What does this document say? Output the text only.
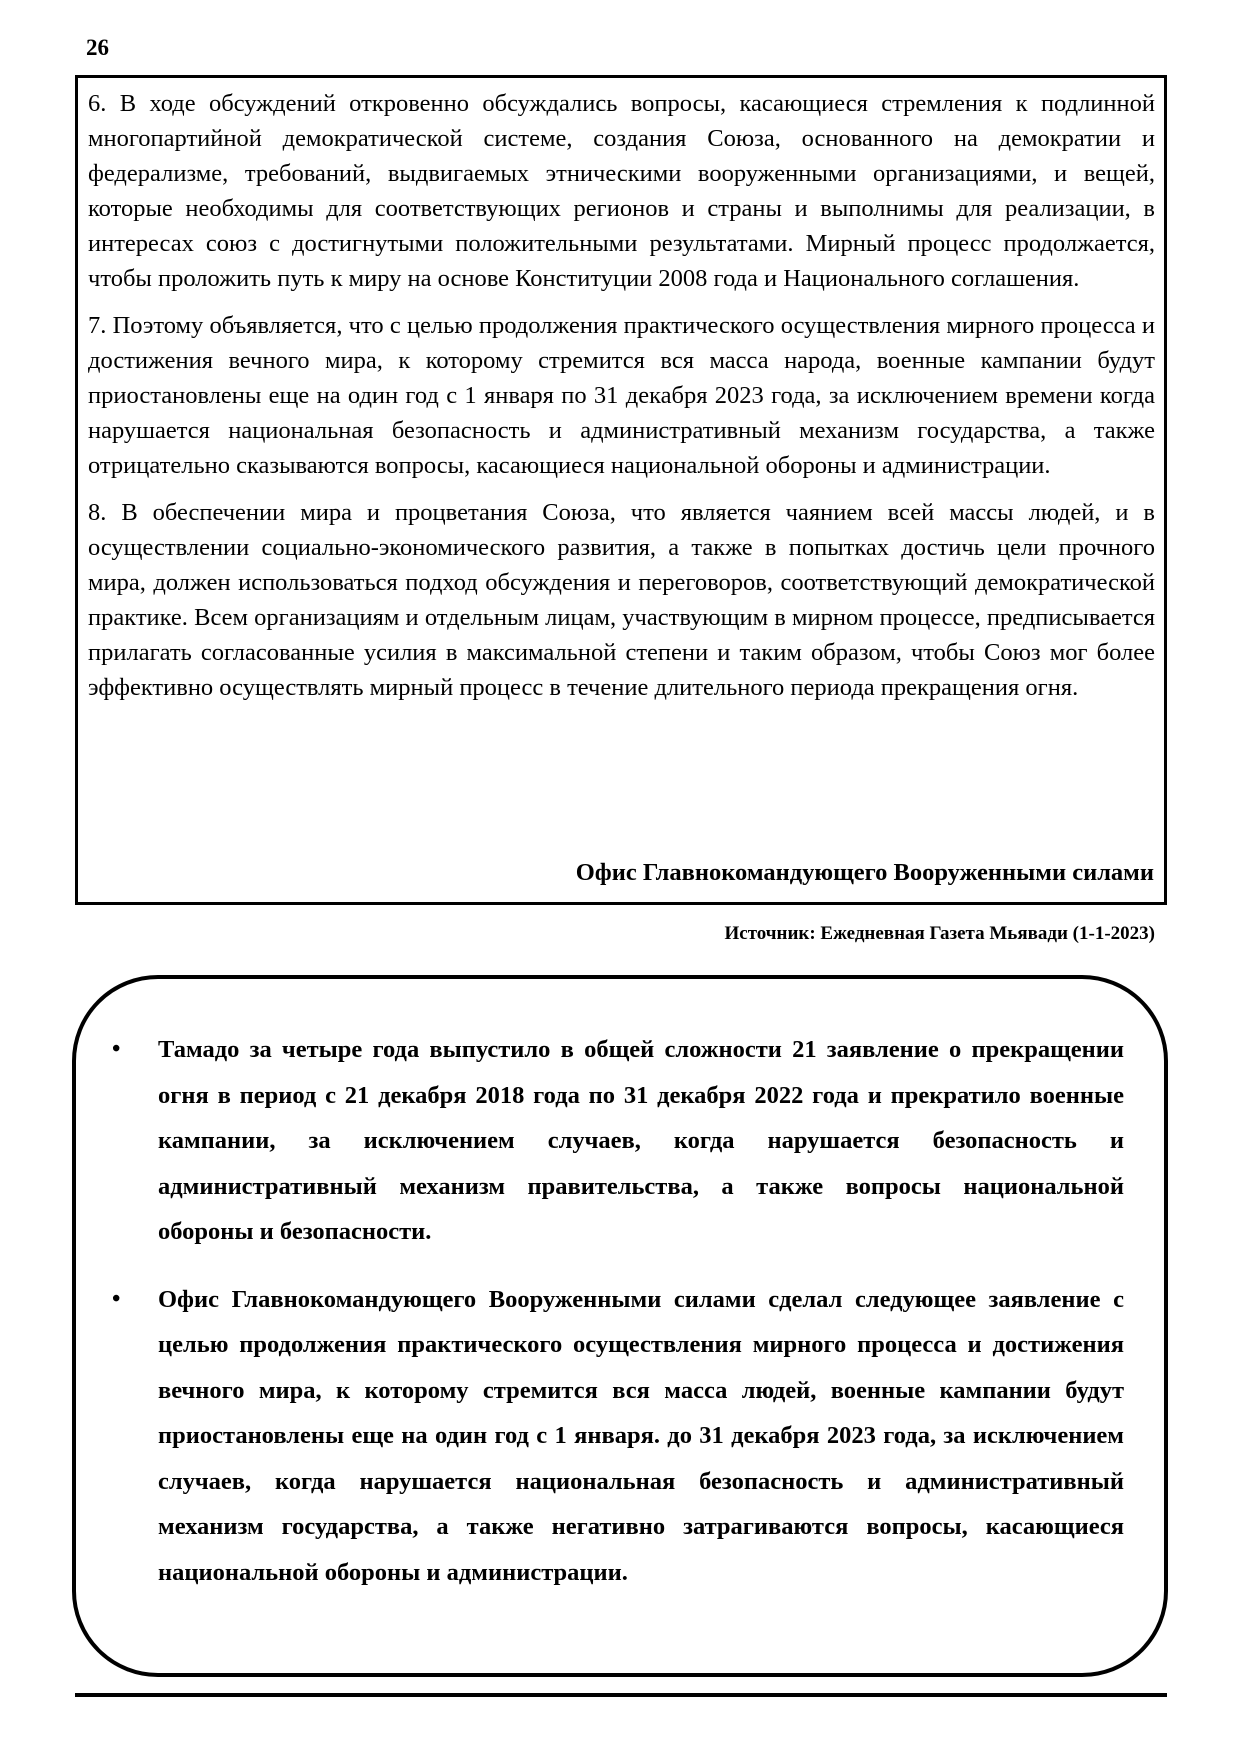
26

6. В ходе обсуждений откровенно обсуждались вопросы, касающиеся стремления к подлинной многопартийной демократической системе, создания Союза, основанного на демократии и федерализме, требований, выдвигаемых этническими вооруженными организациями, и вещей, которые необходимы для соответствующих регионов и страны и выполнимы для реализации, в интересах союз с достигнутыми положительными результатами. Мирный процесс продолжается, чтобы проложить путь к миру на основе Конституции 2008 года и Национального соглашения.

7. Поэтому объявляется, что с целью продолжения практического осуществления мирного процесса и достижения вечного мира, к которому стремится вся масса народа, военные кампании будут приостановлены еще на один год с 1 января по 31 декабря 2023 года, за исключением времени когда нарушается национальная безопасность и административный механизм государства, а также отрицательно сказываются вопросы, касающиеся национальной обороны и администрации.

8. В обеспечении мира и процветания Союза, что является чаянием всей массы людей, и в осуществлении социально-экономического развития, а также в попытках достичь цели прочного мира, должен использоваться подход обсуждения и переговоров, соответствующий демократической практике. Всем организациям и отдельным лицам, участвующим в мирном процессе, предписывается прилагать согласованные усилия в максимальной степени и таким образом, чтобы Союз мог более эффективно осуществлять мирный процесс в течение длительного периода прекращения огня.

Офис Главнокомандующего Вооруженными силами
Источник: Ежедневная Газета Мьявади (1-1-2023)
• Тамадо за четыре года выпустило в общей сложности 21 заявление о прекращении огня в период с 21 декабря 2018 года по 31 декабря 2022 года и прекратило военные кампании, за исключением случаев, когда нарушается безопасность и административный механизм правительства, а также вопросы национальной обороны и безопасности.
• Офис Главнокомандующего Вооруженными силами сделал следующее заявление с целью продолжения практического осуществления мирного процесса и достижения вечного мира, к которому стремится вся масса людей, военные кампании будут приостановлены еще на один год с 1 января. до 31 декабря 2023 года, за исключением случаев, когда нарушается национальная безопасность и административный механизм государства, а также негативно затрагиваются вопросы, касающиеся национальной обороны и администрации.
